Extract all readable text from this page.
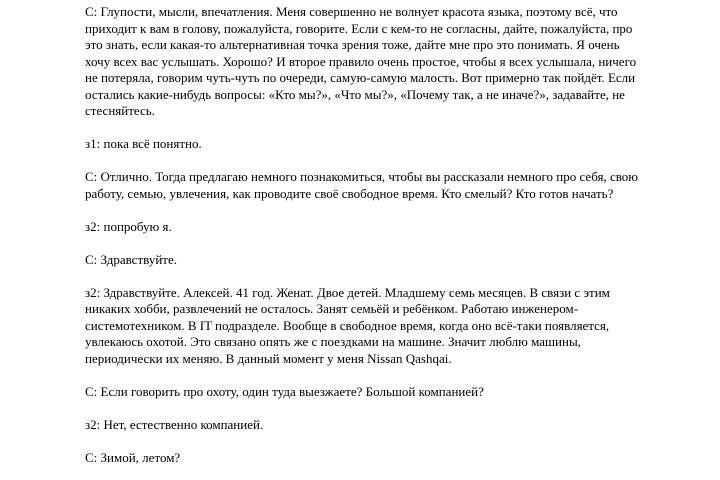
С: Глупости, мысли, впечатления. Меня совершенно не волнует красота языка, поэтому всё, что приходит к вам в голову, пожалуйста, говорите. Если с кем-то не согласны, дайте, пожалуйста, про это знать, если какая-то альтернативная точка зрения тоже, дайте мне про это понимать. Я очень хочу всех вас услышать. Хорошо? И второе правило очень простое, чтобы я всех услышала, ничего не потеряла, говорим чуть-чуть по очереди, самую-самую малость. Вот примерно так пойдёт. Если остались какие-нибудь вопросы: «Кто мы?», «Что мы?», «Почему так, а не иначе?», задавайте, не стесняйтесь.

з1: пока всё понятно.

С: Отлично. Тогда предлагаю немного познакомиться, чтобы вы рассказали немного про себя, свою работу, семью, увлечения, как проводите своё свободное время. Кто смелый? Кто готов начать?

з2: попробую я.

С: Здравствуйте.

з2: Здравствуйте. Алексей. 41 год. Женат. Двое детей. Младшему семь месяцев. В связи с этим никаких хобби, развлечений не осталось. Занят семьёй и ребёнком. Работаю инженером-системотехником. В IT подразделе. Вообще в свободное время, когда оно всё-таки появляется, увлекаюсь охотой. Это связано опять же с поездками на машине. Значит люблю машины, периодически их меняю. В данный момент у меня Nissan Qashqai.

С: Если говорить про охоту, один туда выезжаете? Большой компанией?

з2: Нет, естественно компанией.

С: Зимой, летом?
